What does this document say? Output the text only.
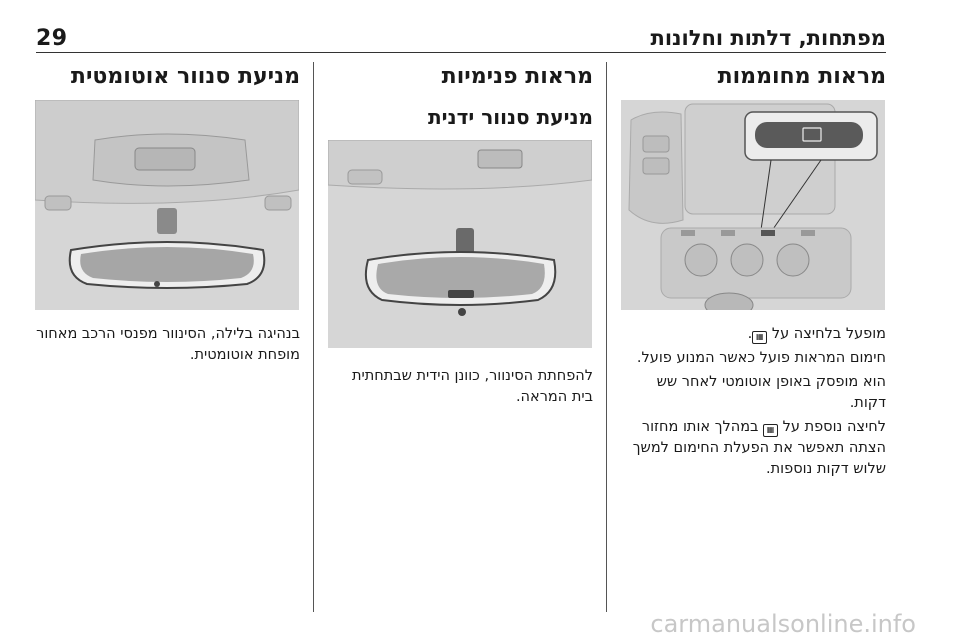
29	מפתחות, דלתות וחלונות
מראות מחוממות

מופעל בלחיצה על ▦.

חימום המראות פועל כאשר המנוע פועל.

הוא מופסק באופן אוטומטי לאחר שש דקות.

לחיצה נוספת על ▦ במהלך אותו מחזור הצתה תאפשר את הפעלת החימום למשך שלוש דקות נוספות.

מראות פנימיות
מניעת סנוור ידנית

להפחתת הסינוור, כוונן הידית שבתחתית בית המראה.

מניעת סנוור אוטומטית

בנהיגה בלילה, הסינוור מפנסי הרכב מאחור מופחת אוטומטית.

carmanualsonline.info
